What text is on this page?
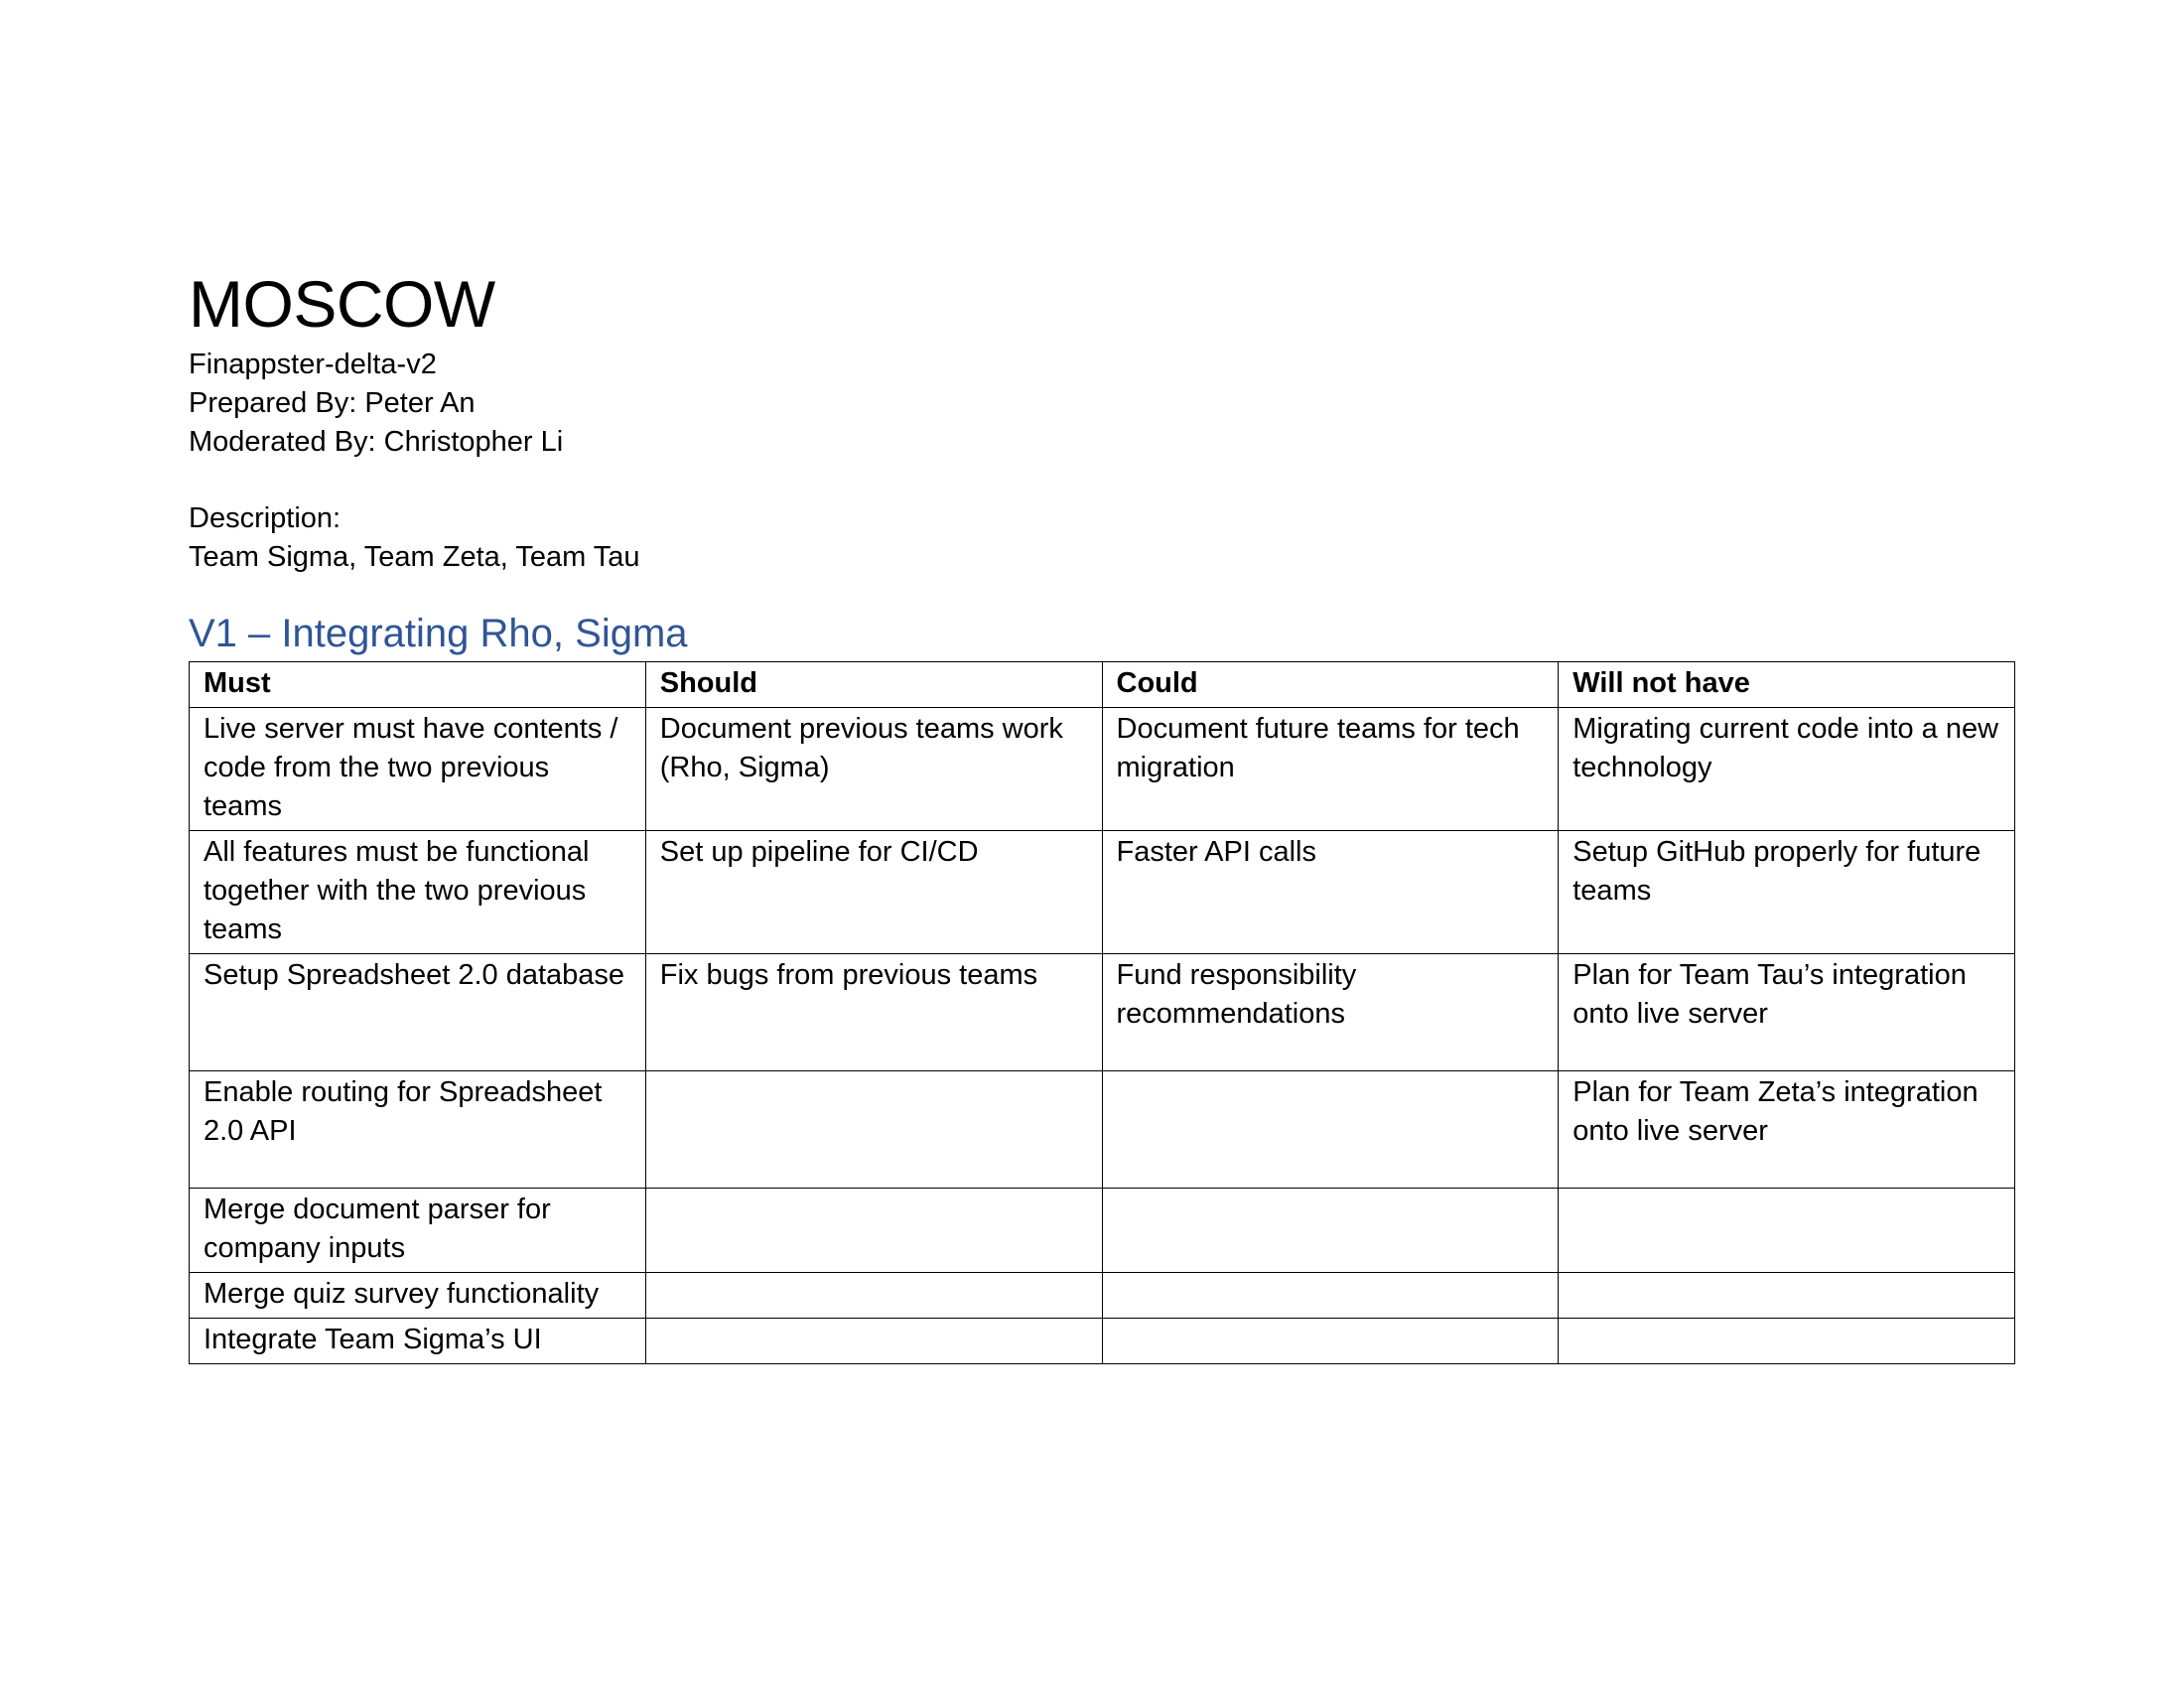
MOSCOW

Finappster-delta-v2

Prepared By: Peter An

Moderated By: Christopher Li

Description:

Team Sigma, Team Zeta, Team Tau

V1 – Integrating Rho, Sigma
Must	Should	Could	Will not have
Live server must have contents / code from the two previous teams	Document previous teams work (Rho, Sigma)	Document future teams for tech migration	Migrating current code into a new technology
All features must be functional together with the two previous teams	Set up pipeline for CI/CD	Faster API calls	Setup GitHub properly for future teams
Setup Spreadsheet 2.0 database	Fix bugs from previous teams	Fund responsibility recommendations	Plan for Team Tau’s integration onto live server
Enable routing for Spreadsheet 2.0 API			Plan for Team Zeta’s integration onto live server
Merge document parser for company inputs			
Merge quiz survey functionality			
Integrate Team Sigma’s UI			
